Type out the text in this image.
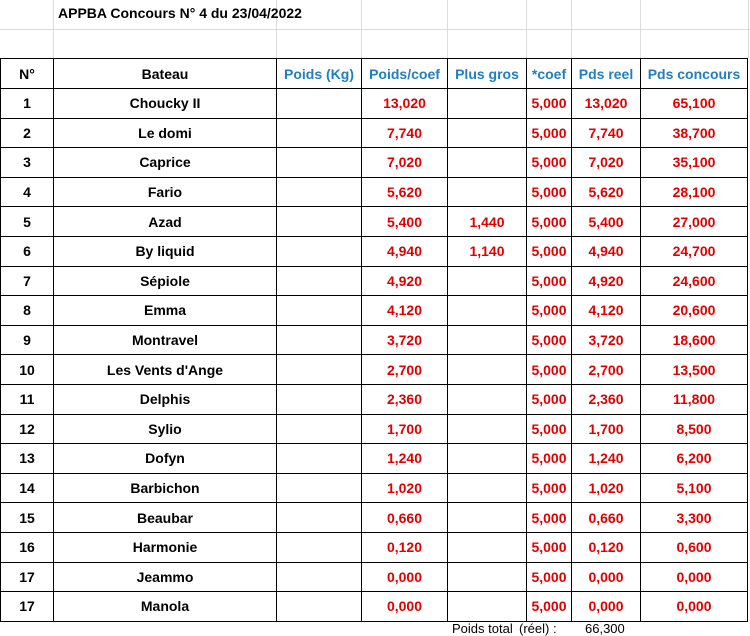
APPBA Concours N° 4 du 23/04/2022
N°	Bateau	Poids (Kg)	Poids/coef	Plus gros	*coef	Pds reel	Pds concours
1	Choucky II		13,020		5,000	13,020	65,100
2	Le domi		7,740		5,000	7,740	38,700
3	Caprice		7,020		5,000	7,020	35,100
4	Fario		5,620		5,000	5,620	28,100
5	Azad		5,400	1,440	5,000	5,400	27,000
6	By liquid		4,940	1,140	5,000	4,940	24,700
7	Sépiole		4,920		5,000	4,920	24,600
8	Emma		4,120		5,000	4,120	20,600
9	Montravel		3,720		5,000	3,720	18,600
10	Les Vents d'Ange		2,700		5,000	2,700	13,500
11	Delphis		2,360		5,000	2,360	11,800
12	Sylio		1,700		5,000	1,700	8,500
13	Dofyn		1,240		5,000	1,240	6,200
14	Barbichon		1,020		5,000	1,020	5,100
15	Beaubar		0,660		5,000	0,660	3,300
16	Harmonie		0,120		5,000	0,120	0,600
17	Jeammo		0,000		5,000	0,000	0,000
17	Manola		0,000		5,000	0,000	0,000
Poids total (réel) : 66,300
